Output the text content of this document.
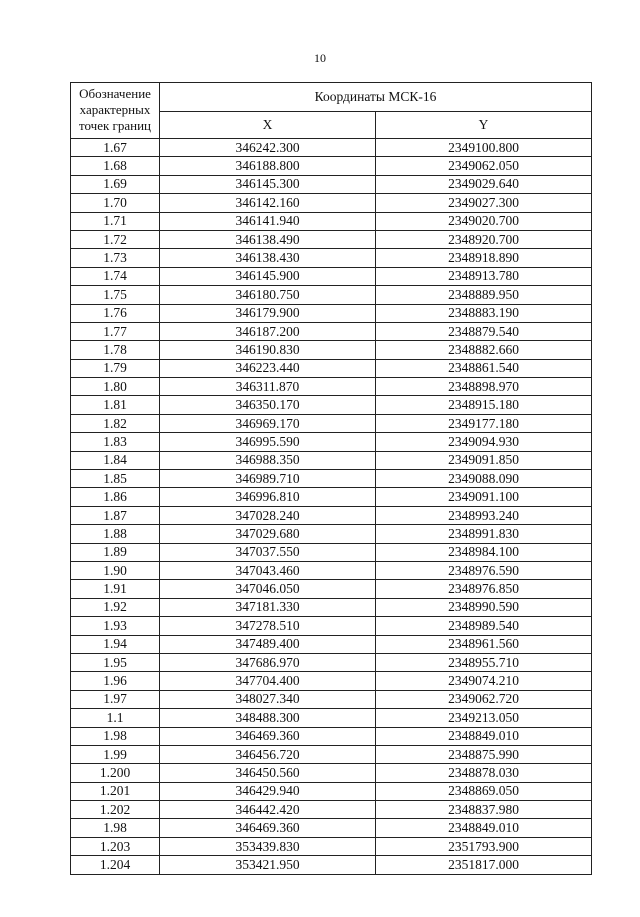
10
Обозначение
характерных
точек границ	Координаты МСК-16	
	X	Y
1.67	346242.300	2349100.800
1.68	346188.800	2349062.050
1.69	346145.300	2349029.640
1.70	346142.160	2349027.300
1.71	346141.940	2349020.700
1.72	346138.490	2348920.700
1.73	346138.430	2348918.890
1.74	346145.900	2348913.780
1.75	346180.750	2348889.950
1.76	346179.900	2348883.190
1.77	346187.200	2348879.540
1.78	346190.830	2348882.660
1.79	346223.440	2348861.540
1.80	346311.870	2348898.970
1.81	346350.170	2348915.180
1.82	346969.170	2349177.180
1.83	346995.590	2349094.930
1.84	346988.350	2349091.850
1.85	346989.710	2349088.090
1.86	346996.810	2349091.100
1.87	347028.240	2348993.240
1.88	347029.680	2348991.830
1.89	347037.550	2348984.100
1.90	347043.460	2348976.590
1.91	347046.050	2348976.850
1.92	347181.330	2348990.590
1.93	347278.510	2348989.540
1.94	347489.400	2348961.560
1.95	347686.970	2348955.710
1.96	347704.400	2349074.210
1.97	348027.340	2349062.720
1.1	348488.300	2349213.050
1.98	346469.360	2348849.010
1.99	346456.720	2348875.990
1.200	346450.560	2348878.030
1.201	346429.940	2348869.050
1.202	346442.420	2348837.980
1.98	346469.360	2348849.010
1.203	353439.830	2351793.900
1.204	353421.950	2351817.000
